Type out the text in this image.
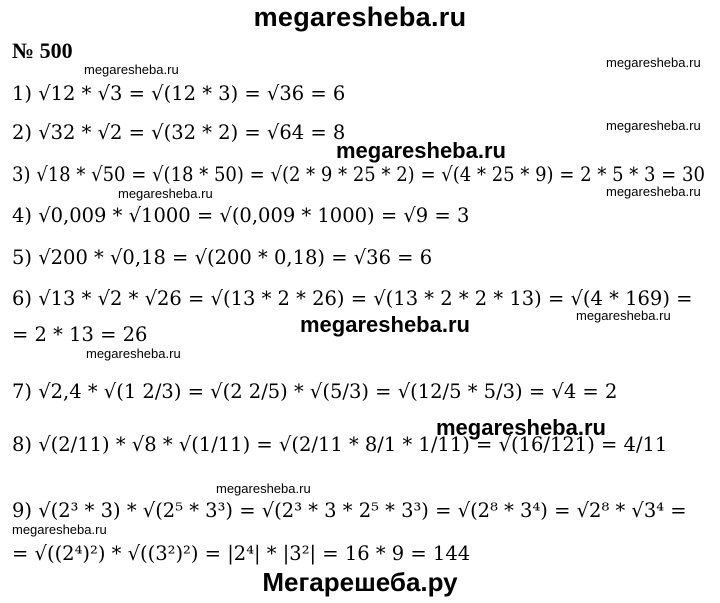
megaresheba.ru
№ 500
megaresheba.ru	megaresheba.ru
megaresheba.ru
megaresheba.ru	megaresheba.ru
megaresheba.ru
megaresheba.ru
megaresheba.ru
megaresheba.ru
megaresheba.ru
megaresheba.ru
megaresheba.ru
1) √12 * √3 = √(12 * 3) = √36 = 6
2) √32 * √2 = √(32 * 2) = √64 = 8
3) √18 * √50 = √(18 * 50) = √(2 * 9 * 25 * 2) = √(4 * 25 * 9) = 2 * 5 * 3 = 30
4) √0,009 * √1000 = √(0,009 * 1000) = √9 = 3
5) √200 * √0,18 = √(200 * 0,18) = √36 = 6
6) √13 * √2 * √26 = √(13 * 2 * 26) = √(13 * 2 * 2 * 13) = √(4 * 169) =
= 2 * 13 = 26
7) √2,4 * √(1 2/3) = √(2 2/5) * √(5/3) = √(12/5 * 5/3) = √4 = 2
8) √(2/11) * √8 * √(1/11) = √(2/11 * 8/1 * 1/11) = √(16/121) = 4/11
9) √(2³ * 3) * √(2⁵ * 3³) = √(2³ * 3 * 2⁵ * 3³) = √(2⁸ * 3⁴) = √2⁸ * √3⁴ =
= √((2⁴)²) * √((3²)²) = |2⁴| * |3²| = 16 * 9 = 144
Мегарешеба.ру
